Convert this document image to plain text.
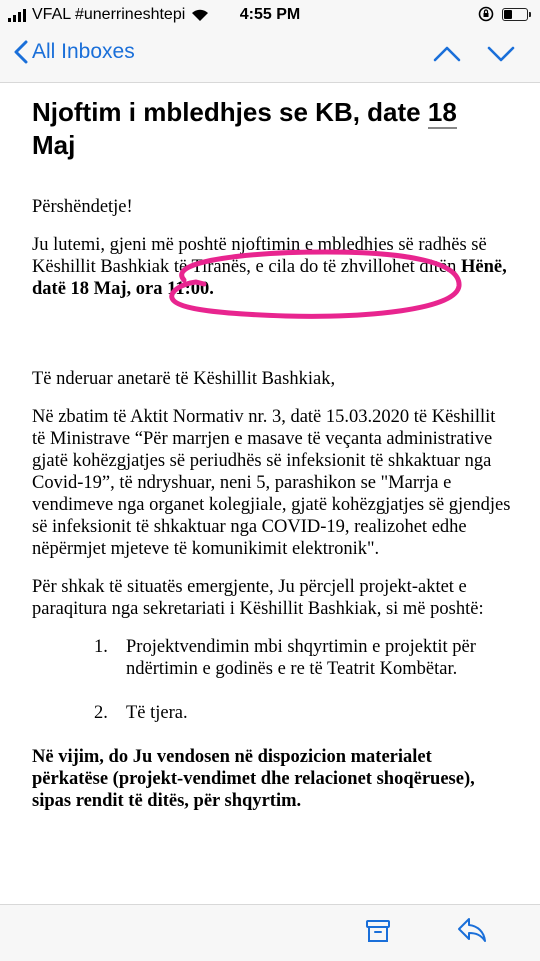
VFAL #unerrineshtepi	4:55 PM
All Inboxes
Njoftim i mbledhjes se KB, date 18
Maj

Përshëndetje!

Ju lutemi, gjeni më poshtë njoftimin e mbledhjes së radhës së Këshillit Bashkiak të Tiranës, e cila do të zhvillohet ditën Hënë, datë 18 Maj, ora 11:00.

Të nderuar anetarë të Këshillit Bashkiak,

Në zbatim të Aktit Normativ nr. 3, datë 15.03.2020 të Këshillit të Ministrave “Për marrjen e masave të veçanta administrative gjatë kohëzgjatjes së periudhës së infeksionit të shkaktuar nga Covid-19”, të ndryshuar, neni 5, parashikon se "Marrja e vendimeve nga organet kolegjiale, gjatë kohëzgjatjes së gjendjes së infeksionit të shkaktuar nga COVID-19, realizohet edhe nëpërmjet mjeteve të komunikimit elektronik".

Për shkak të situatës emergjente, Ju përcjell projekt-aktet e paraqitura nga sekretariati i Këshillit Bashkiak, si më poshtë:

1. Projektvendimin mbi shqyrtimin e projektit për ndërtimin e godinës e re të Teatrit Kombëtar.
2. Të tjera.

Në vijim, do Ju vendosen në dispozicion materialet përkatëse (projekt-vendimet dhe relacionet shoqëruese), sipas rendit të ditës, për shqyrtim.
